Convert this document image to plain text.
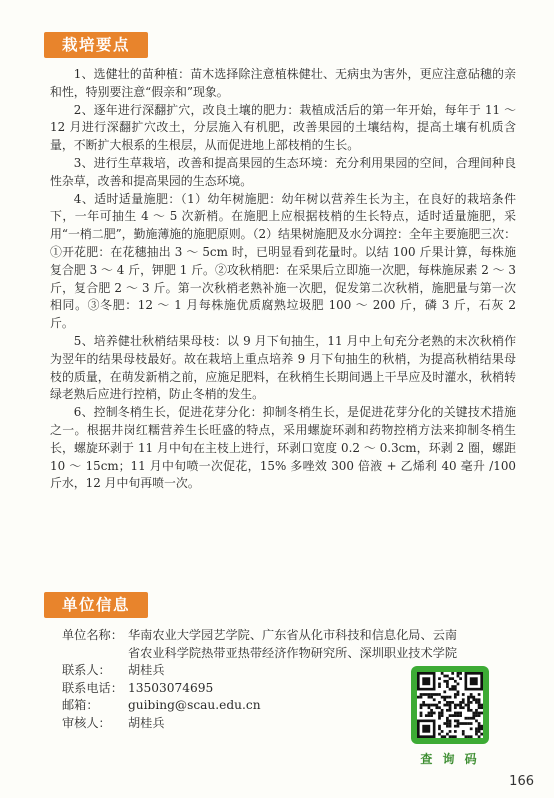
栽培要点

1、选健壮的苗种植：苗木选择除注意植株健壮、无病虫为害外，更应注意砧穗的亲和性，特别要注意“假亲和”现象。

2、逐年进行深翻扩穴，改良土壤的肥力：栽植成活后的第一年开始，每年于 11 ～ 12 月进行深翻扩穴改土，分层施入有机肥，改善果园的土壤结构，提高土壤有机质含量，不断扩大根系的生根层，从而促进地上部枝梢的生长。

3、进行生草栽培，改善和提高果园的生态环境：充分利用果园的空间，合理间种良性杂草，改善和提高果园的生态环境。

4、适时适量施肥：（1）幼年树施肥：幼年树以营养生长为主，在良好的栽培条件下，一年可抽生 4 ～ 5 次新梢。在施肥上应根据枝梢的生长特点，适时适量施肥，采用“一梢二肥”，勤施薄施的施肥原则。（2）结果树施肥及水分调控：全年主要施肥三次：①开花肥：在花穗抽出 3 ～ 5cm 时，已明显看到花量时。以结 100 斤果计算，每株施复合肥 3 ～ 4 斤，钾肥 1 斤。②攻秋梢肥：在采果后立即施一次肥，每株施尿素 2 ～ 3 斤，复合肥 2 ～ 3 斤。第一次秋梢老熟补施一次肥，促发第二次秋梢，施肥量与第一次相同。③冬肥：12 ～ 1 月每株施优质腐熟垃圾肥 100 ～ 200 斤，磷 3 斤，石灰 2 斤。

5、培养健壮秋梢结果母枝：以 9 月下旬抽生，11 月中上旬充分老熟的末次秋梢作为翌年的结果母枝最好。故在栽培上重点培养 9 月下旬抽生的秋梢，为提高秋梢结果母枝的质量，在萌发新梢之前，应施足肥料，在秋梢生长期间遇上干旱应及时灌水，秋梢转绿老熟后应进行控梢，防止冬梢的发生。

6、控制冬梢生长，促进花芽分化：抑制冬梢生长，是促进花芽分化的关键技术措施之一。根据井岗红糯营养生长旺盛的特点，采用螺旋环剥和药物控梢方法来抑制冬梢生长，螺旋环剥于 11 月中旬在主枝上进行，环剥口宽度 0.2 ～ 0.3cm，环剥 2 圈，螺距 10 ～ 15cm；11 月中旬喷一次促花，15% 多唑效 300 倍液 + 乙烯利 40 毫升 /100 斤水，12 月中旬再喷一次。

单位信息
单位名称： 华南农业大学园艺学院、广东省从化市科技和信息化局、云南省农业科学院热带亚热带经济作物研究所、深圳职业技术学院
联系人：	胡桂兵
联系电话： 13503074695
邮箱：	guibing@scau.edu.cn
审核人：	胡桂兵
查 询 码
166
